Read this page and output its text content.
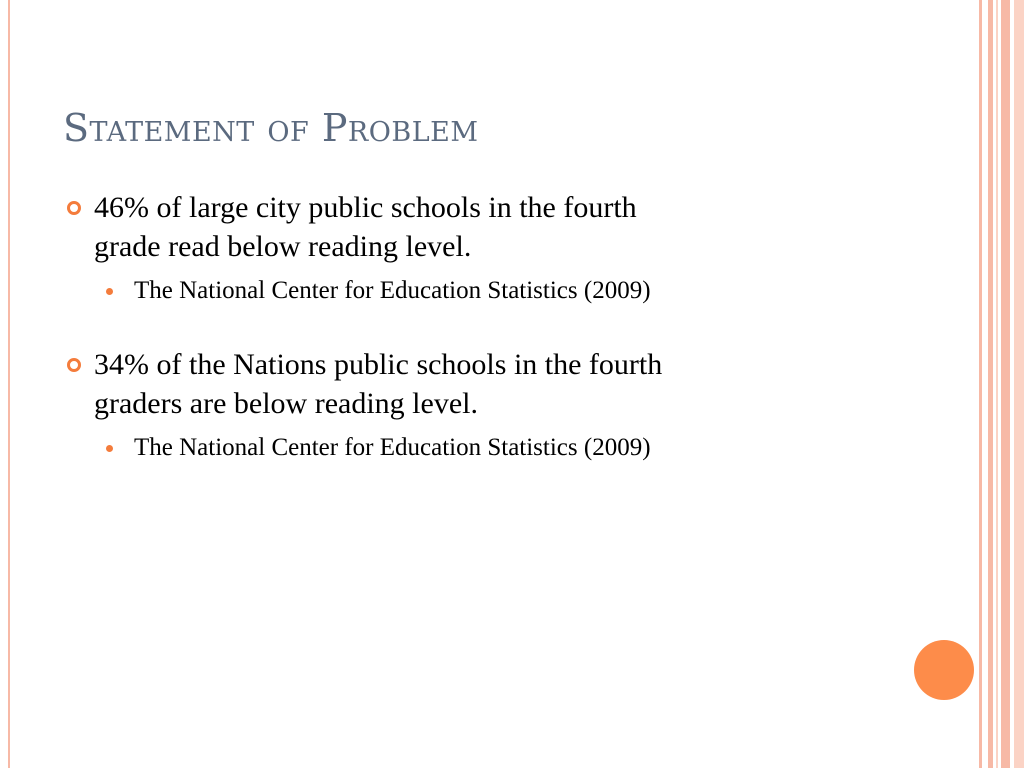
Statement of Problem
46% of large city public schools in the fourth
grade read below reading level.
The National Center for Education Statistics (2009)
34% of the Nations public schools in the fourth
graders are below reading level.
The National Center for Education Statistics (2009)
